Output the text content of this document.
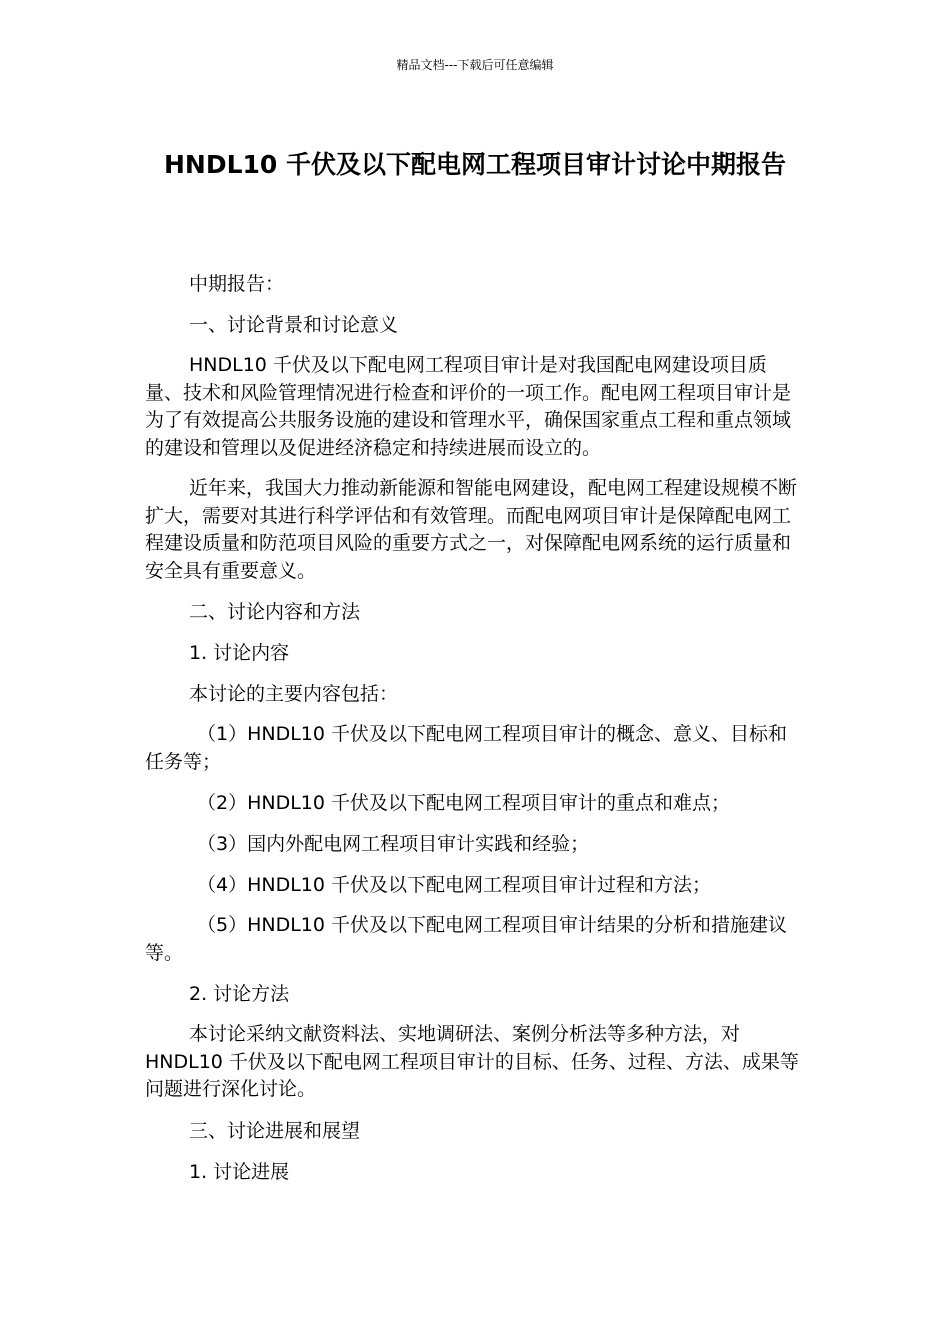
精品文档---下载后可任意编辑
HNDL10 千伏及以下配电网工程项目审计讨论中期报告

中期报告：

一、讨论背景和讨论意义

HNDL10 千伏及以下配电网工程项目审计是对我国配电网建设项目质量、技术和风险管理情况进行检查和评价的一项工作。配电网工程项目审计是为了有效提高公共服务设施的建设和管理水平，确保国家重点工程和重点领域的建设和管理以及促进经济稳定和持续进展而设立的。

近年来，我国大力推动新能源和智能电网建设，配电网工程建设规模不断扩大，需要对其进行科学评估和有效管理。而配电网项目审计是保障配电网工程建设质量和防范项目风险的重要方式之一，对保障配电网系统的运行质量和安全具有重要意义。

二、讨论内容和方法

1. 讨论内容

本讨论的主要内容包括：

（1）HNDL10 千伏及以下配电网工程项目审计的概念、意义、目标和任务等；

（2）HNDL10 千伏及以下配电网工程项目审计的重点和难点；

（3）国内外配电网工程项目审计实践和经验；

（4）HNDL10 千伏及以下配电网工程项目审计过程和方法；

（5）HNDL10 千伏及以下配电网工程项目审计结果的分析和措施建议等。

2. 讨论方法

本讨论采纳文献资料法、实地调研法、案例分析法等多种方法，对 HNDL10 千伏及以下配电网工程项目审计的目标、任务、过程、方法、成果等问题进行深化讨论。

三、讨论进展和展望

1. 讨论进展
